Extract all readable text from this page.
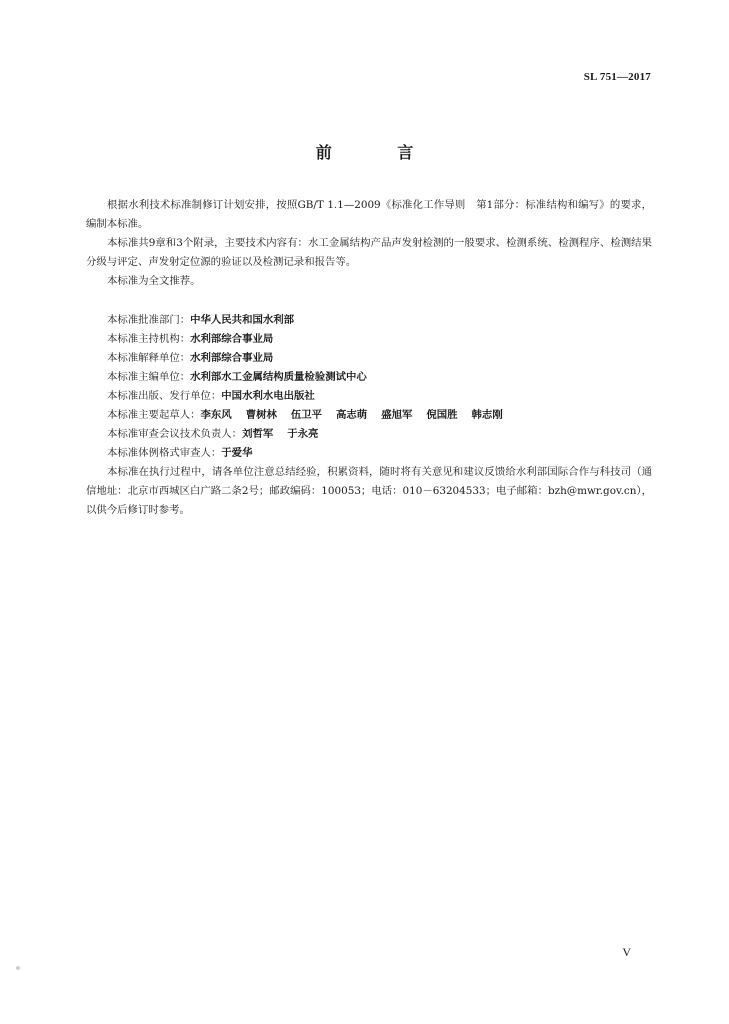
SL 751—2017
前 言

根据水利技术标准制修订计划安排，按照GB/T 1.1—2009《标准化工作导则　第1部分：标准结构和编写》的要求，编制本标准。

本标准共9章和3个附录，主要技术内容有：水工金属结构产品声发射检测的一般要求、检测系统、检测程序、检测结果分级与评定、声发射定位源的验证以及检测记录和报告等。

本标准为全文推荐。

本标准批准部门：中华人民共和国水利部

本标准主持机构：水利部综合事业局

本标准解释单位：水利部综合事业局

本标准主编单位：水利部水工金属结构质量检验测试中心

本标准出版、发行单位：中国水利水电出版社

本标准主要起草人：李东风 曹树林 伍卫平 高志萌 盛旭军 倪国胜 韩志刚

本标准审查会议技术负责人：刘哲军 于永亮

本标准体例格式审查人：于爱华

本标准在执行过程中，请各单位注意总结经验，积累资料，随时将有关意见和建议反馈给水利部国际合作与科技司（通信地址：北京市西城区白广路二条2号；邮政编码：100053；电话：010－63204533；电子邮箱：bzh@mwr.gov.cn），以供今后修订时参考。

V
